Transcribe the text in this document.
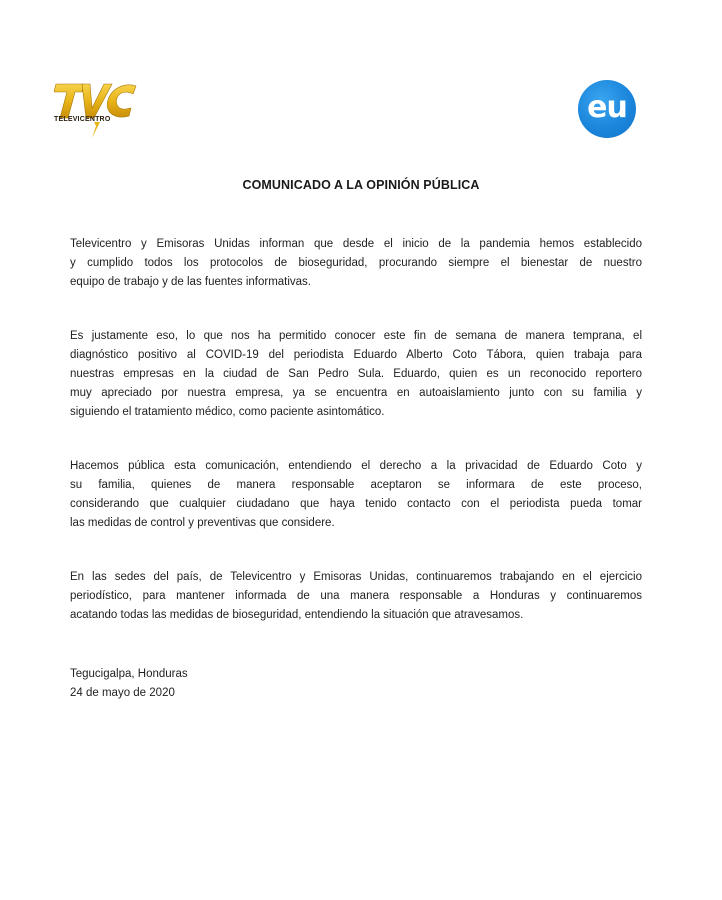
TELEVICENTRO	eu
COMUNICADO A LA OPINIÓN PÚBLICA

Televicentro y Emisoras Unidas informan que desde el inicio de la pandemia hemos establecido
y cumplido todos los protocolos de bioseguridad, procurando siempre el bienestar de nuestro
equipo de trabajo y de las fuentes informativas.

Es justamente eso, lo que nos ha permitido conocer este fin de semana de manera temprana, el
diagnóstico positivo al COVID-19 del periodista Eduardo Alberto Coto Tábora, quien trabaja para
nuestras empresas en la ciudad de San Pedro Sula. Eduardo, quien es un reconocido reportero
muy apreciado por nuestra empresa, ya se encuentra en autoaislamiento junto con su familia y
siguiendo el tratamiento médico, como paciente asintomático.

Hacemos pública esta comunicación, entendiendo el derecho a la privacidad de Eduardo Coto y
su familia, quienes de manera responsable aceptaron se informara de este proceso,
considerando que cualquier ciudadano que haya tenido contacto con el periodista pueda tomar
las medidas de control y preventivas que considere.

En las sedes del país, de Televicentro y Emisoras Unidas, continuaremos trabajando en el ejercicio
periodístico, para mantener informada de una manera responsable a Honduras y continuaremos
acatando todas las medidas de bioseguridad, entendiendo la situación que atravesamos.

Tegucigalpa, Honduras
24 de mayo de 2020
